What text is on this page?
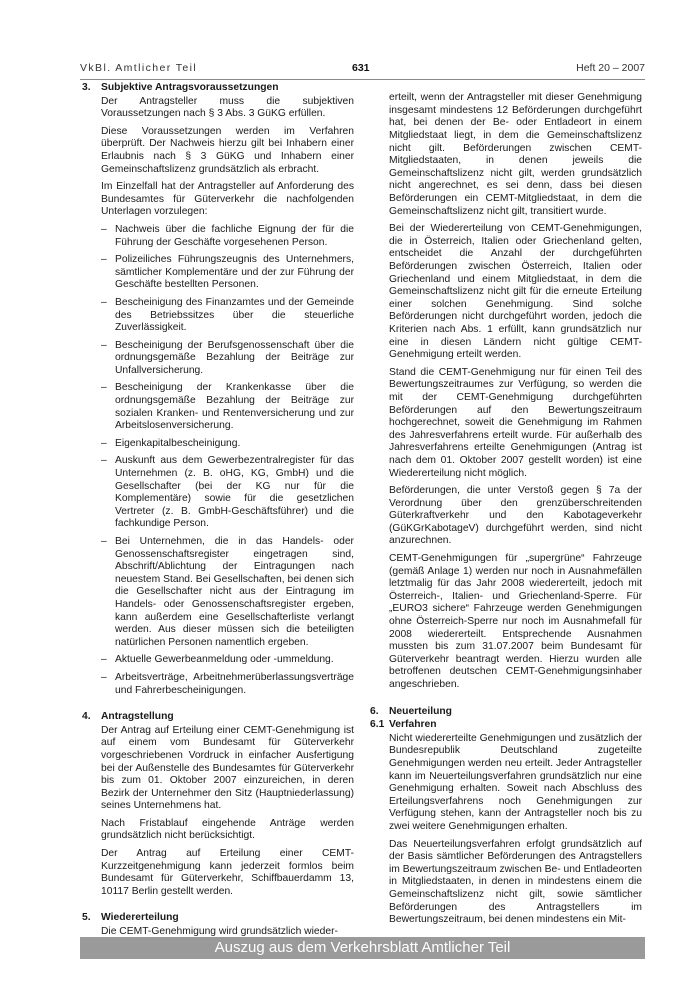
VkBl. Amtlicher Teil	631	Heft 20 – 2007
3.	Subjektive Antragsvoraussetzungen

Der Antragsteller muss die subjektiven Voraussetzungen nach § 3 Abs. 3 GüKG erfüllen.

Diese Voraussetzungen werden im Verfahren überprüft. Der Nachweis hierzu gilt bei Inhabern einer Erlaubnis nach § 3 GüKG und Inhabern einer Gemeinschaftslizenz grundsätzlich als erbracht.

Im Einzelfall hat der Antragsteller auf Anforderung des Bundesamtes für Güterverkehr die nachfolgenden Unterlagen vorzulegen:

– Nachweis über die fachliche Eignung der für die Führung der Geschäfte vorgesehenen Person.
– Polizeiliches Führungszeugnis des Unternehmers, sämtlicher Komplementäre und der zur Führung der Geschäfte bestellten Personen.
– Bescheinigung des Finanzamtes und der Gemeinde des Betriebssitzes über die steuerliche Zuverlässigkeit.
– Bescheinigung der Berufsgenossenschaft über die ordnungsgemäße Bezahlung der Beiträge zur Unfallversicherung.
– Bescheinigung der Krankenkasse über die ordnungsgemäße Bezahlung der Beiträge zur sozialen Kranken- und Rentenversicherung und zur Arbeitslosenversicherung.
– Eigenkapitalbescheinigung.
– Auskunft aus dem Gewerbezentralregister für das Unternehmen (z. B. oHG, KG, GmbH) und die Gesellschafter (bei der KG nur für die Komplementäre) sowie für die gesetzlichen Vertreter (z. B. GmbH-Geschäftsführer) und die fachkundige Person.
– Bei Unternehmen, die in das Handels- oder Genossenschaftsregister eingetragen sind, Abschrift/Ablichtung der Eintragungen nach neuestem Stand. Bei Gesellschaften, bei denen sich die Gesellschafter nicht aus der Eintragung im Handels- oder Genossenschaftsregister ergeben, kann außerdem eine Gesellschafterliste verlangt werden. Aus dieser müssen sich die beteiligten natürlichen Personen namentlich ergeben.
– Aktuelle Gewerbeanmeldung oder -ummeldung.
– Arbeitsverträge, Arbeitnehmerüberlassungsverträge und Fahrerbescheinigungen.
4.	Antragstellung

Der Antrag auf Erteilung einer CEMT-Genehmigung ist auf einem vom Bundesamt für Güterverkehr vorgeschriebenen Vordruck in einfacher Ausfertigung bei der Außenstelle des Bundesamtes für Güterverkehr bis zum 01. Oktober 2007 einzureichen, in deren Bezirk der Unternehmer den Sitz (Hauptniederlassung) seines Unternehmens hat.

Nach Fristablauf eingehende Anträge werden grundsätzlich nicht berücksichtigt.

Der Antrag auf Erteilung einer CEMT-Kurzzeitgenehmigung kann jederzeit formlos beim Bundesamt für Güterverkehr, Schiffbauerdamm 13, 10117 Berlin gestellt werden.

5.	Wiedererteilung

Die CEMT-Genehmigung wird grundsätzlich wieder-

erteilt, wenn der Antragsteller mit dieser Genehmigung insgesamt mindestens 12 Beförderungen durchgeführt hat, bei denen der Be- oder Entladeort in einem Mitgliedstaat liegt, in dem die Gemeinschaftslizenz nicht gilt. Beförderungen zwischen CEMT-Mitgliedstaaten, in denen jeweils die Gemeinschaftslizenz nicht gilt, werden grundsätzlich nicht angerechnet, es sei denn, dass bei diesen Beförderungen ein CEMT-Mitgliedstaat, in dem die Gemeinschaftslizenz nicht gilt, transitiert wurde.

Bei der Wiedererteilung von CEMT-Genehmigungen, die in Österreich, Italien oder Griechenland gelten, entscheidet die Anzahl der durchgeführten Beförderungen zwischen Österreich, Italien oder Griechenland und einem Mitgliedstaat, in dem die Gemeinschaftslizenz nicht gilt für die erneute Erteilung einer solchen Genehmigung. Sind solche Beförderungen nicht durchgeführt worden, jedoch die Kriterien nach Abs. 1 erfüllt, kann grundsätzlich nur eine in diesen Ländern nicht gültige CEMT-Genehmigung erteilt werden.

Stand die CEMT-Genehmigung nur für einen Teil des Bewertungszeitraumes zur Verfügung, so werden die mit der CEMT-Genehmigung durchgeführten Beförderungen auf den Bewertungszeitraum hochgerechnet, soweit die Genehmigung im Rahmen des Jahresverfahrens erteilt wurde. Für außerhalb des Jahresverfahrens erteilte Genehmigungen (Antrag ist nach dem 01. Oktober 2007 gestellt worden) ist eine Wiedererteilung nicht möglich.

Beförderungen, die unter Verstoß gegen § 7a der Verordnung über den grenzüberschreitenden Güterkraftverkehr und den Kabotageverkehr (GüKGrKabotageV) durchgeführt werden, sind nicht anzurechnen.

CEMT-Genehmigungen für „supergrüne“ Fahrzeuge (gemäß Anlage 1) werden nur noch in Ausnahmefällen letztmalig für das Jahr 2008 wiedererteilt, jedoch mit Österreich-, Italien- und Griechenland-Sperre. Für „EURO3 sichere“ Fahrzeuge werden Genehmigungen ohne Österreich-Sperre nur noch im Ausnahmefall für 2008 wiedererteilt. Entsprechende Ausnahmen mussten bis zum 31.07.2007 beim Bundesamt für Güterverkehr beantragt werden. Hierzu wurden alle betroffenen deutschen CEMT-Genehmigungsinhaber angeschrieben.

6.	Neuerteilung
6.1 Verfahren

Nicht wiedererteilte Genehmigungen und zusätzlich der Bundesrepublik Deutschland zugeteilte Genehmigungen werden neu erteilt. Jeder Antragsteller kann im Neuerteilungsverfahren grundsätzlich nur eine Genehmigung erhalten. Soweit nach Abschluss des Erteilungsverfahrens noch Genehmigungen zur Verfügung stehen, kann der Antragsteller noch bis zu zwei weitere Genehmigungen erhalten.

Das Neuerteilungsverfahren erfolgt grundsätzlich auf der Basis sämtlicher Beförderungen des Antragstellers im Bewertungszeitraum zwischen Be- und Entladeorten in Mitgliedstaaten, in denen in mindestens einem die Gemeinschaftslizenz nicht gilt, sowie sämtlicher Beförderungen des Antragstellers im Bewertungszeitraum, bei denen mindestens ein Mit-

Auszug aus dem Verkehrsblatt Amtlicher Teil
